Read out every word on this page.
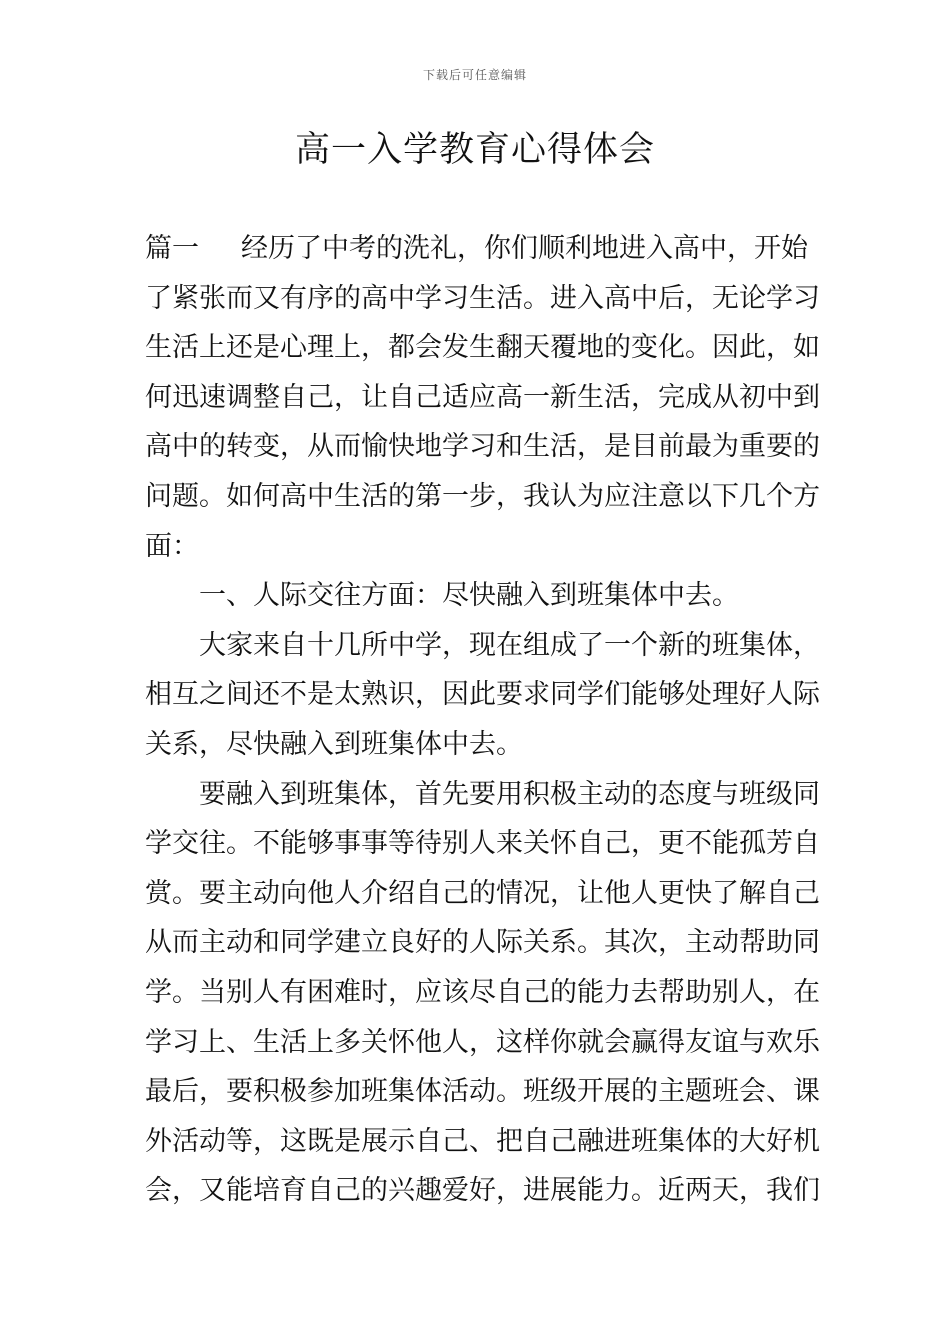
下载后可任意编辑
高一入学教育心得体会
篇一 经历了中考的洗礼，你们顺利地进入高中，开始
了紧张而又有序的高中学习生活。进入高中后，无论学习
生活上还是心理上，都会发生翻天覆地的变化。因此，如
何迅速调整自己，让自己适应高一新生活，完成从初中到
高中的转变，从而愉快地学习和生活，是目前最为重要的
问题。如何高中生活的第一步，我认为应注意以下几个方
面：
一、人际交往方面：尽快融入到班集体中去。
大家来自十几所中学，现在组成了一个新的班集体，
相互之间还不是太熟识，因此要求同学们能够处理好人际
关系，尽快融入到班集体中去。
要融入到班集体，首先要用积极主动的态度与班级同
学交往。不能够事事等待别人来关怀自己，更不能孤芳自
赏。要主动向他人介绍自己的情况，让他人更快了解自己
从而主动和同学建立良好的人际关系。其次，主动帮助同
学。当别人有困难时，应该尽自己的能力去帮助别人，在
学习上、生活上多关怀他人，这样你就会赢得友谊与欢乐
最后，要积极参加班集体活动。班级开展的主题班会、课
外活动等，这既是展示自己、把自己融进班集体的大好机
会，又能培育自己的兴趣爱好，进展能力。近两天，我们
